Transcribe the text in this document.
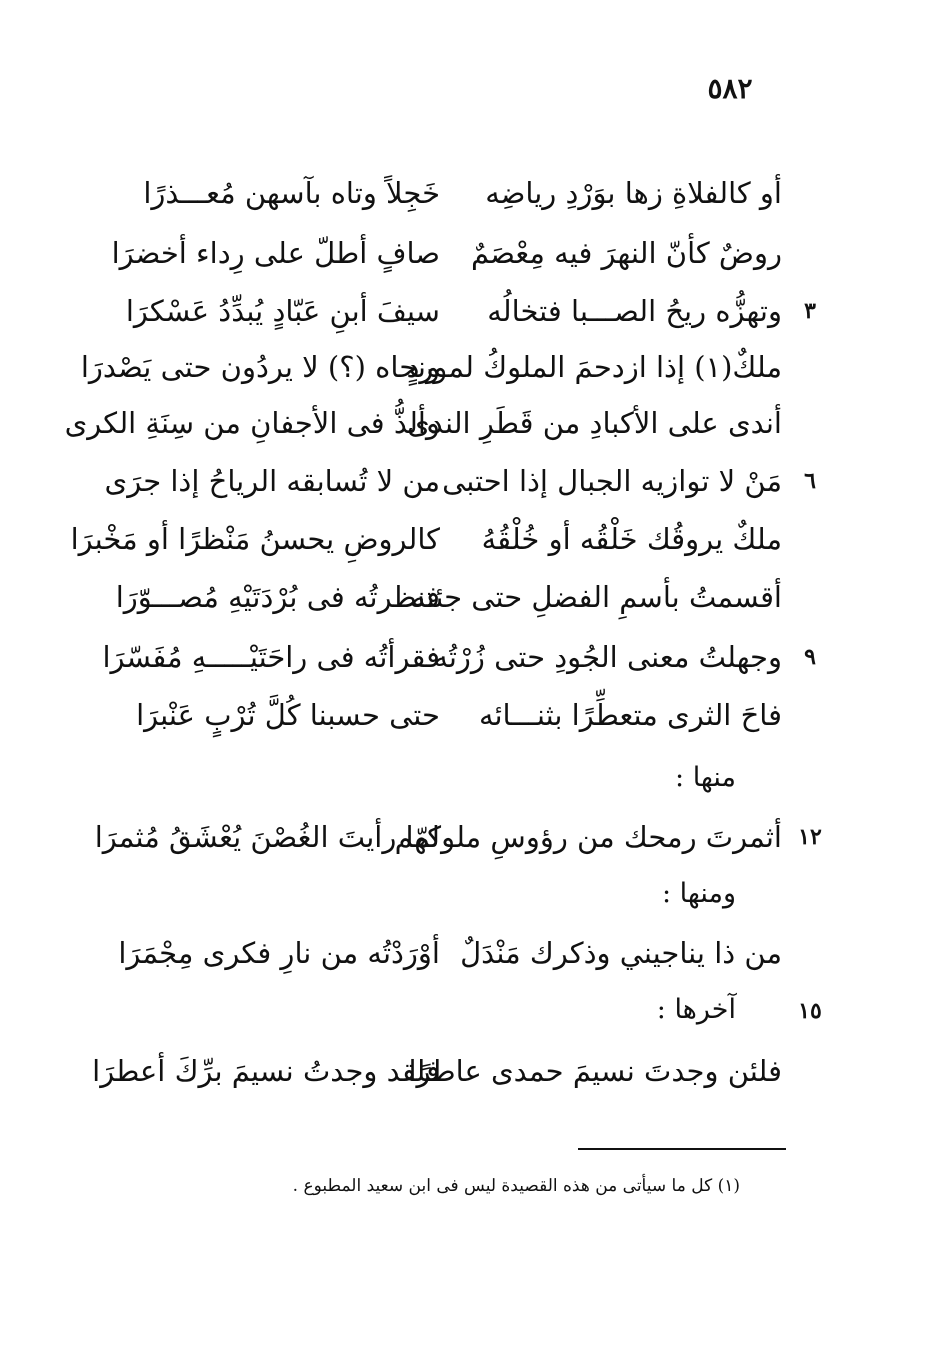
٥٨٢
أو كالفلاةِ زها بوَرْدِ رياضِه
خَجِلاً وتاه بآسهن مُعـــذرًا
روضٌ كأنّ النهرَ فيه مِعْصَمٌ
صافٍ أطلّ على رِداء أخضرَا
٣
وتهزُّه ريحُ الصـــبا فتخالُه
سيفَ أبنِ عَبّادٍ يُبدِّدُ عَسْكرَا
ملكٌ(١) إذا ازدحمَ الملوكُ لموردٍ
ونحاه (؟) لا يردُون حتى يَصْدرَا
أندى على الأكبادِ من قَطَرِ الندى
وألذُّ فى الأجفانِ من سِنَةِ الكرى
٦
مَنْ لا توازيه الجبال إذا احتبى
من لا تُسابقه الرياحُ إذا جرَى
ملكٌ يروقُك خَلْقُه أو خُلْقُهُ
كالروضِ يحسنُ مَنْظرًا أو مَخْبرَا
أقسمتُ بأسمِ الفضلِ حتى جئته
فنظرتُه فى بُرْدَتَيْهِ مُصـــوّرَا
٩
وجهلتُ معنى الجُودِ حتى زُرْتُه
فقرأتُه فى راحَتَيْـــــهِ مُفَسّرَا
فاحَ الثرى متعطِّرًا بثنـــائه
حتى حسبنا كُلَّ تُرْبٍ عَنْبرَا
منها :
١٢
أثمرتَ رمحك من رؤوسِ ملوكهم
لمّا رأيتَ الغُصْنَ يُعْشَقُ مُثمرَا
ومنها :
من ذا يناجيني وذكرك مَنْدَلٌ
أوْرَدْتُه من نارِ فكرى مِجْمَرَا
آخرها :
فلئن وجدتَ نسيمَ حمدى عاطرًا
فلقد وجدتُ نسيمَ برِّكَ أعطرَا
١٥
(١) كل ما سيأتى من هذه القصيدة ليس فى ابن سعيد المطبوع .
